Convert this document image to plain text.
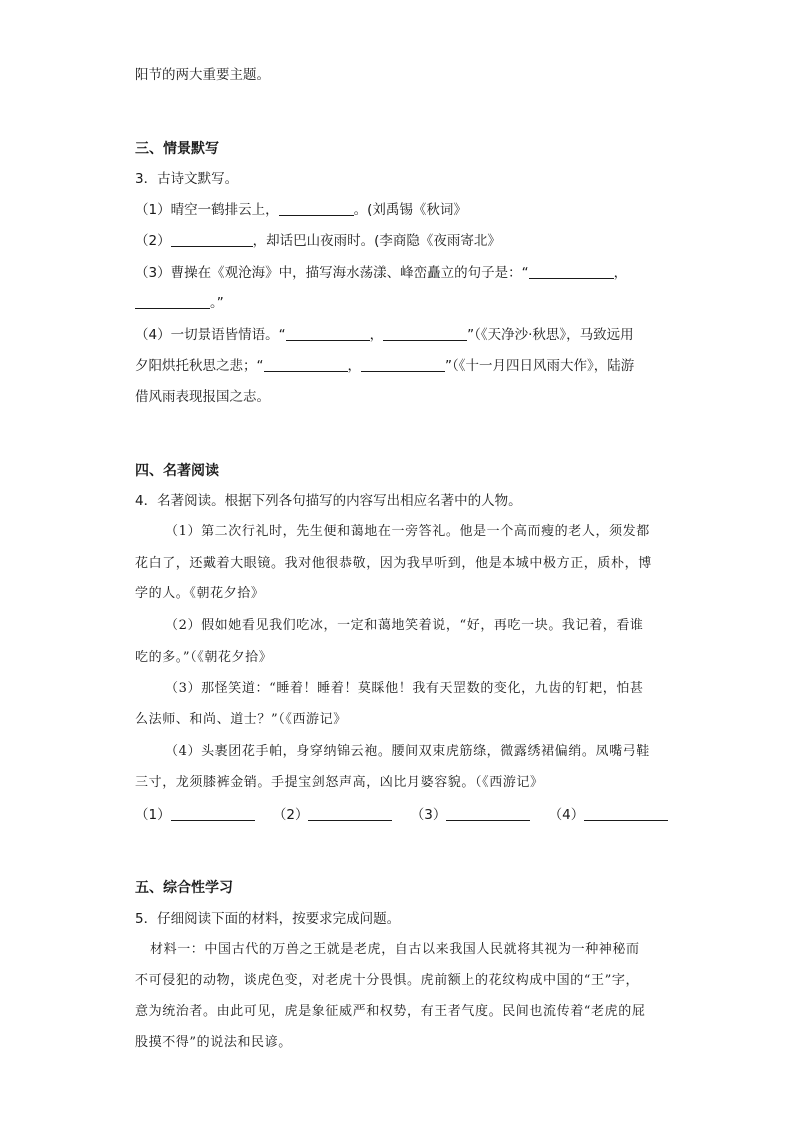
阳节的两大重要主题。
三、情景默写
3．古诗文默写。
（1）晴空一鹤排云上，	。(刘禹锡《秋词》
（2）	，却话巴山夜雨时。(李商隐《夜雨寄北》
（3）曹操在《观沧海》中，描写海水荡漾、峰峦矗立的句子是：“	，
。”
（4）一切景语皆情语。“	，	”（《天净沙·秋思》，马致远用
夕阳烘托秋思之悲；“	，	”（《十一月四日风雨大作》，陆游
借风雨表现报国之志。
四、名著阅读
4．名著阅读。根据下列各句描写的内容写出相应名著中的人物。
（1）第二次行礼时，先生便和蔼地在一旁答礼。他是一个高而瘦的老人，须发都
花白了，还戴着大眼镜。我对他很恭敬，因为我早听到，他是本城中极方正，质朴，博
学的人。《朝花夕拾》
（2）假如她看见我们吃冰，一定和蔼地笑着说，“好，再吃一块。我记着，看谁
吃的多。”（《朝花夕拾》
（3）那怪笑道：“睡着！睡着！莫睬他！我有天罡数的变化，九齿的钉耙，怕甚
么法师、和尚、道士？”（《西游记》
（4）头裹团花手帕，身穿纳锦云袍。腰间双束虎筋绦，微露绣裙偏绡。凤嘴弓鞋
三寸，龙须膝裤金销。手提宝剑怒声高，凶比月婆容貌。（《西游记》
（1）	（2）	（3）	（4）
五、综合性学习
5．仔细阅读下面的材料，按要求完成问题。
材料一：中国古代的万兽之王就是老虎，自古以来我国人民就将其视为一种神秘而
不可侵犯的动物，谈虎色变，对老虎十分畏惧。虎前额上的花纹构成中国的“王”字，
意为统治者。由此可见，虎是象征威严和权势，有王者气度。民间也流传着“老虎的屁
股摸不得”的说法和民谚。
